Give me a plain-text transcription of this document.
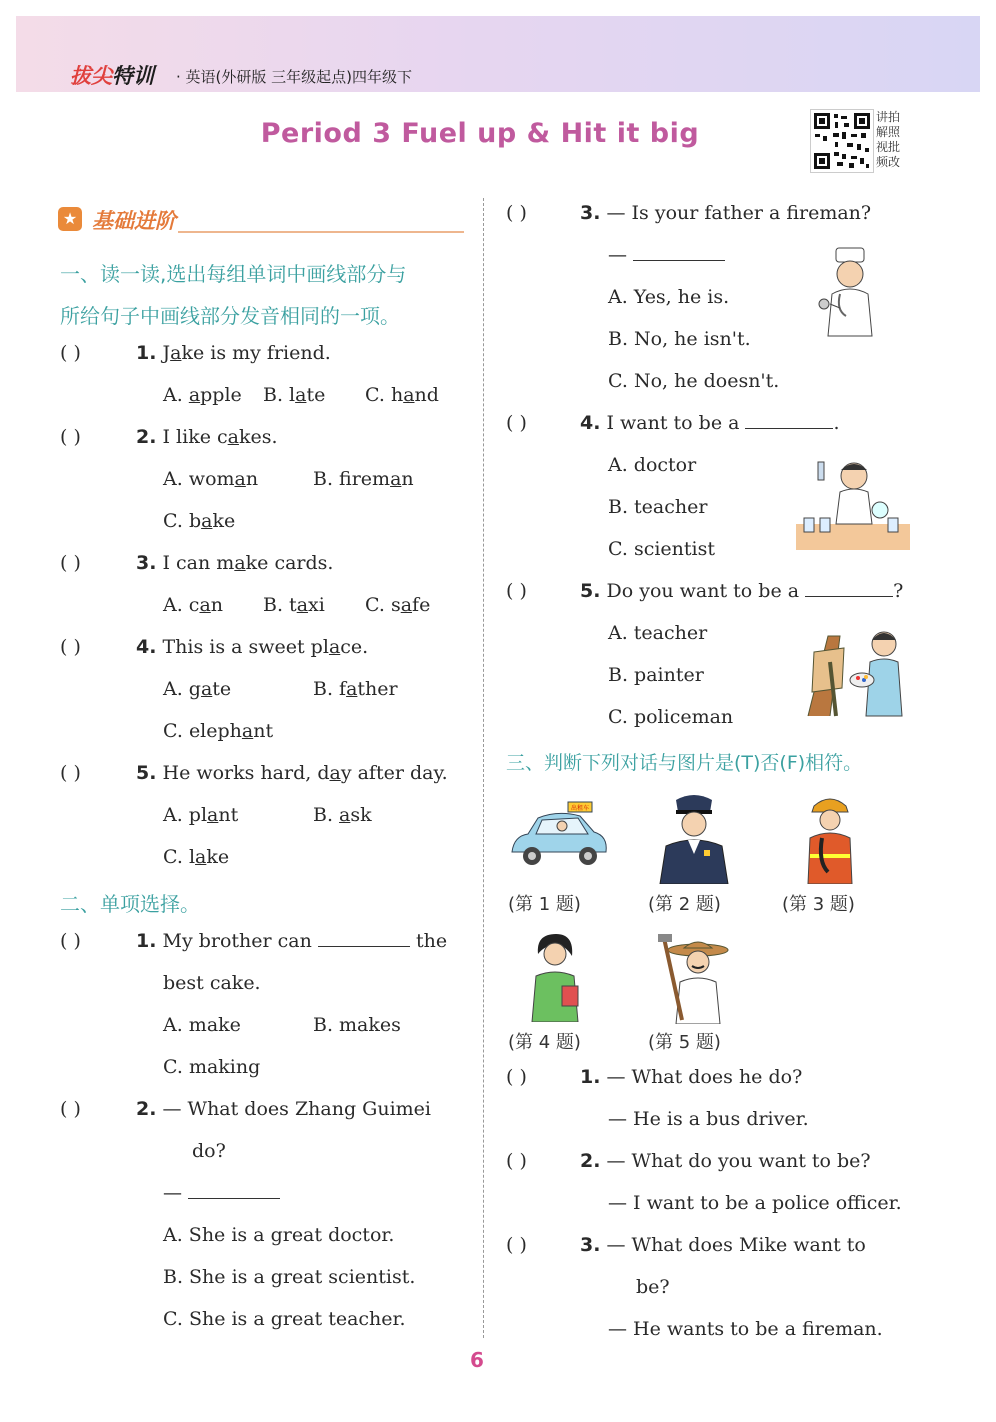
拔尖特训 · 英语(外研版 三年级起点)四年级下
Period 3 Fuel up & Hit it big
讲拍解照视批频改
★ 基础进阶
一、读一读,选出每组单词中画线部分与
所给句子中画线部分发音相同的一项。
( )	1. Jake is my friend.
A. apple B. late C. hand
( )	2. I like cakes.
A. woman	B. fireman
C. bake
( )	3. I can make cards.
A. can B. taxi C. safe
( )	4. This is a sweet place.
A. gate	B. father
C. elephant
( )	5. He works hard, day after day.
A. plant	B. ask
C. lake
二、单项选择。
( )	1. My brother can	the
best cake.
A. make	B. makes
C. making
( )	2. — What does Zhang Guimei
do?
—
A. She is a great doctor.
B. She is a great scientist.
C. She is a great teacher.
( )	3. — Is your father a fireman?
—
A. Yes, he is.
B. No, he isn't.
C. No, he doesn't.
( )	4. I want to be a	.
A. doctor
B. teacher
C. scientist
( )	5. Do you want to be a	?
A. teacher
B. painter
C. policeman
三、判断下列对话与图片是(T)否(F)相符。
出租车
(第 1 题)	(第 2 题)	(第 3 题)
(第 4 题)	(第 5 题)
( )	1. — What does he do?
— He is a bus driver.
( )	2. — What do you want to be?
— I want to be a police officer.
( )	3. — What does Mike want to
be?
— He wants to be a fireman.
6
